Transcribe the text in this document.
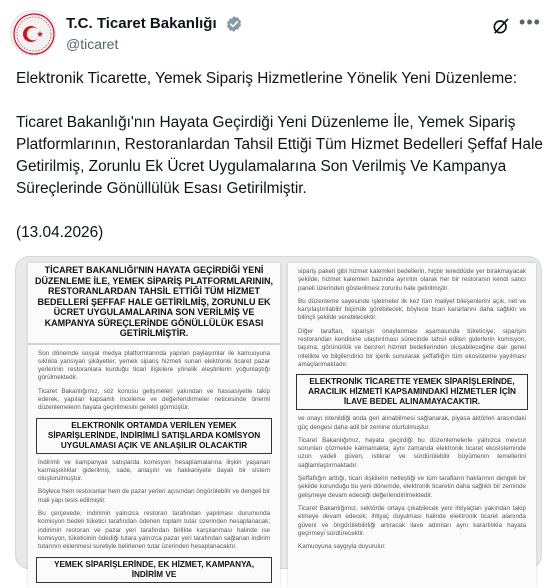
T.C. Ticaret Bakanlığı
@ticaret
•••
Elektronik Ticarette, Yemek Sipariş Hizmetlerine Yönelik Yeni Düzenleme:

Ticaret Bakanlığı'nın Hayata Geçirdiği Yeni Düzenleme İle, Yemek Sipariş Platformlarının, Restoranlardan Tahsil Ettiği Tüm Hizmet Bedelleri Şeffaf Hale Getirilmiş, Zorunlu Ek Ücret Uygulamalarına Son Verilmiş Ve Kampanya Süreçlerinde Gönüllülük Esası Getirilmiştir.

(13.04.2026)
TİCARET BAKANLIĞI'NIN HAYATA GEÇİRDİĞİ YENİ DÜZENLEME İLE, YEMEK SİPARİŞ PLATFORMLARININ, RESTORANLARDAN TAHSİL ETTİĞİ TÜM HİZMET BEDELLERİ ŞEFFAF HALE GETİRİLMİŞ, ZORUNLU EK ÜCRET UYGULAMALARINA SON VERİLMİŞ VE KAMPANYA SÜREÇLERİNDE GÖNÜLLÜLÜK ESASI GETİRİLMİŞTİR.

Son dönemde sosyal medya platformlarında yapılan paylaşımlar ile kamuoyuna sıklıkla yansıyan şikâyetler, yemek sipariş hizmeti sunan elektronik ticaret pazar yerlerinin restoranlara kurduğu ticari ilişkilere yönelik eleştirilerin yoğunlaştığı görülmektedir.

Ticaret Bakanlığımız, söz konusu gelişmeleri yakından ve hassasiyetle takip ederek, yapılan kapsamlı inceleme ve değerlendirmeler neticesinde önemli düzenlemelerin hayata geçirilmesini gerekli görmüştür.

ELEKTRONİK ORTAMDA VERİLEN YEMEK SİPARİŞLERİNDE, İNDİRİMLİ SATIŞLARDA KOMİSYON UYGULAMASI AÇIK VE ANLAŞILIR OLACAKTIR

İndirimli ve kampanyalı satışlarda komisyon hesaplamalarına ilişkin yaşanan karmaşıklıklar giderilmiş, sade, anlaşılır ve hakkaniyete dayalı bir sistem oluşturulmuştur.

Böylece hem restoranlar hem de pazar yerleri açısından öngörülebilir ve dengeli bir mali yapı tesis edilmiştir.

Bu çerçevede; indirimin yalnızca restoran tarafından yapılması durumunda komisyon bedeli tüketici tarafından ödenen toplam tutar üzerinden hesaplanacak; indirimin restoran ve pazar yeri tarafından birlikte karşılanması halinde ise komisyon, tüketicinin ödediği tutara yalnızca pazar yeri tarafından sağlanan indirim tutarının eklenmesi suretiyle belirlenen tutar üzerinden hesaplanacaktır.

YEMEK SİPARİŞLERİNDE, EK HİZMET, KAMPANYA, İNDİRİM VE

sipariş paketi gibi hizmet kalemleri bedellerin, hiçbir tereddüde yer bırakmayacak şekilde, hizmet kalemleri bazında ayrıntılı olarak her bir restoranın kendi satıcı paneli üzerinden gösterilmesi zorunlu hale getirilmiştir.

Bu düzenleme sayesinde işletmeler ilk kez tüm maliyet bileşenlerini açık, net ve karşılaştırılabilir biçimde görebilecek; böylece ticari kararlarını daha sağlıklı ve bilinçli şekilde verebilecektir.

Diğer taraftan, siparişin onaylanması aşamasında tüketiciye; siparişin restorandan kendisine ulaştırılması sürecinde tahsil edilen giderlerin komisyon, taşıma, görünürlük ve benzeri hizmet bedellerinden oluşabileceğine dair genel nitelikte ve bilgilendirici bir içerik sunularak şeffaflığın tüm ekosisteme yayılması amaçlanmaktadır.

ELEKTRONİK TİCARETTE YEMEK SİPARİŞLERİNDE, ARACILIK HİZMETİ KAPSAMINDAKİ HİZMETLER İÇİN İLAVE BEDEL ALINAMAYACAKTIR.

ve onayı istenildiği anda geri alınabilmesi sağlanarak, piyasa aktörleri arasındaki güç dengesi daha adil bir zemine oturtulmuştur.

Ticaret Bakanlığımız, hayata geçirdiği bu düzenlemelerle yalnızca mevcut sorunları çözmekle kalmamakta; aynı zamanda elektronik ticaret ekosisteminde uzun vadeli güven, istikrar ve sürdürülebilir büyümenin temellerini sağlamlaştırmaktadır.

Şeffaflığın arttığı, ticari ilişkilerin netleştiği ve tüm tarafların haklarının dengeli bir şekilde korunduğu bu yeni dönemde, elektronik ticaretin daha sağlıklı bir zeminde gelişmeye devam edeceği değerlendirilmektedir.

Ticaret Bakanlığımız, sektörde ortaya çıkabilecek yeni ihtiyaçları yakından takip etmeye devam edecek; ihtiyaç duyulması halinde elektronik ticaret alanında güveni ve öngörülebilirliği artıracak ilave adımları aynı kararlılıkla hayata geçirmeyi sürdürecektir.

Kamuoyuna saygıyla duyurulur.
